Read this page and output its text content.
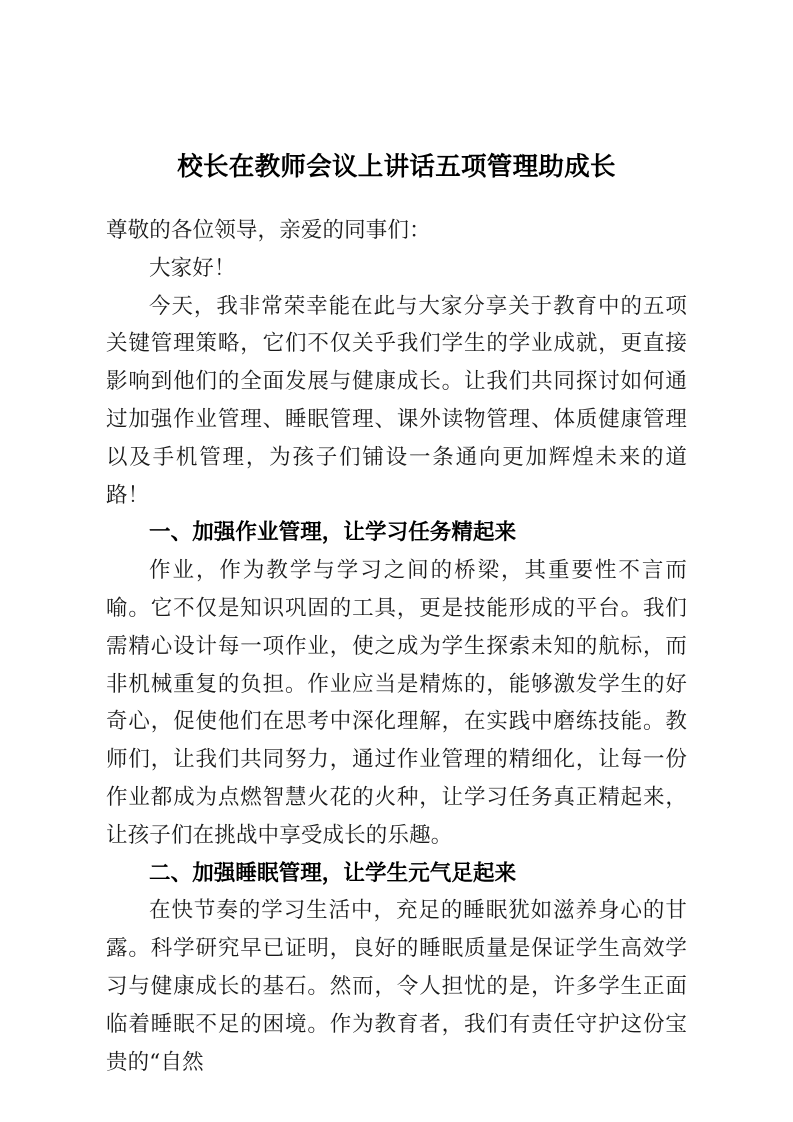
校长在教师会议上讲话五项管理助成长

尊敬的各位领导，亲爱的同事们：

大家好！

今天，我非常荣幸能在此与大家分享关于教育中的五项关键管理策略，它们不仅关乎我们学生的学业成就，更直接影响到他们的全面发展与健康成长。让我们共同探讨如何通过加强作业管理、睡眠管理、课外读物管理、体质健康管理以及手机管理，为孩子们铺设一条通向更加辉煌未来的道路！

一、加强作业管理，让学习任务精起来

作业，作为教学与学习之间的桥梁，其重要性不言而喻。它不仅是知识巩固的工具，更是技能形成的平台。我们需精心设计每一项作业，使之成为学生探索未知的航标，而非机械重复的负担。作业应当是精炼的，能够激发学生的好奇心，促使他们在思考中深化理解，在实践中磨练技能。教师们，让我们共同努力，通过作业管理的精细化，让每一份作业都成为点燃智慧火花的火种，让学习任务真正精起来，让孩子们在挑战中享受成长的乐趣。

二、加强睡眠管理，让学生元气足起来

在快节奏的学习生活中，充足的睡眠犹如滋养身心的甘露。科学研究早已证明，良好的睡眠质量是保证学生高效学习与健康成长的基石。然而，令人担忧的是，许多学生正面临着睡眠不足的困境。作为教育者，我们有责任守护这份宝贵的“自然
